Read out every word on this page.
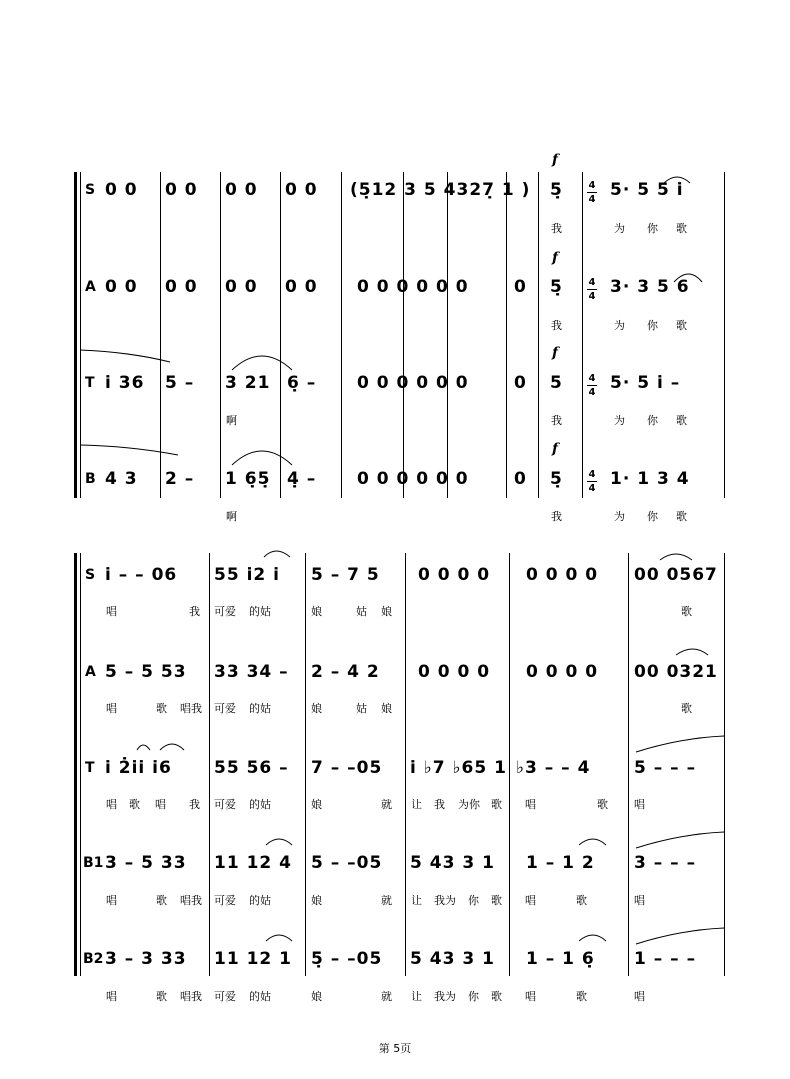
S 0 0 0 0 0 0 0 0 (5̣12 3 5 4327̣ 1 )
f
5̣	4
4 5· 5 5 i̇
我	为 你 歌
A 0 0 0 0 0 0 0 0 0 0 0 0 0 0	0
f
5̣	4
4 3· 3 5 6
我	为 你 歌
T i̇ 36 5 – 3 21 6̣ – 0 0 0 0 0 0	0
f
5	4
4 5· 5 i̇ –
啊	我	为 你 歌
B 4 3 2 – 1 6̣5̣ 4̣ – 0 0 0 0 0 0	0
f
5̣	4
4 1· 1 3 4
啊	我	为 你 歌
S i̇ – – 06 55 i̇2 i̇ 5 – 7 5 0 0 0 0 0 0 0 0 00 0567
唱	我 可爱 的姑	娘	姑 娘	歌
A 5 – 5 53 33 34 – 2 – 4 2 0 0 0 0 0 0 0 0 00 0321
唱	歌 唱我 可爱 的姑	娘	姑 娘	歌
T i̇ 2̇i̇i̇ i̇6 55 56 – 7 – –05 i̇ ♭7 ♭65 1 ♭3 – – 4	5 – – –
唱 歌 唱 我 可爱 的姑	娘	就 让 我 为你 歌 唱	歌 唱
B1 3 – 5 33 11 12 4 5 – –05 5 43 3 1 1 – 1 2 3 – – –
唱	歌 唱我 可爱 的姑	娘	就 让 我为 你 歌 唱	歌	唱
B2 3 – 3 33 11 12 1 5̣ – –05 5 43 3 1 1 – 1 6̣ 1 – – –
唱	歌 唱我 可爱 的姑	娘	就 让 我为 你 歌 唱	歌	唱
第 5页
